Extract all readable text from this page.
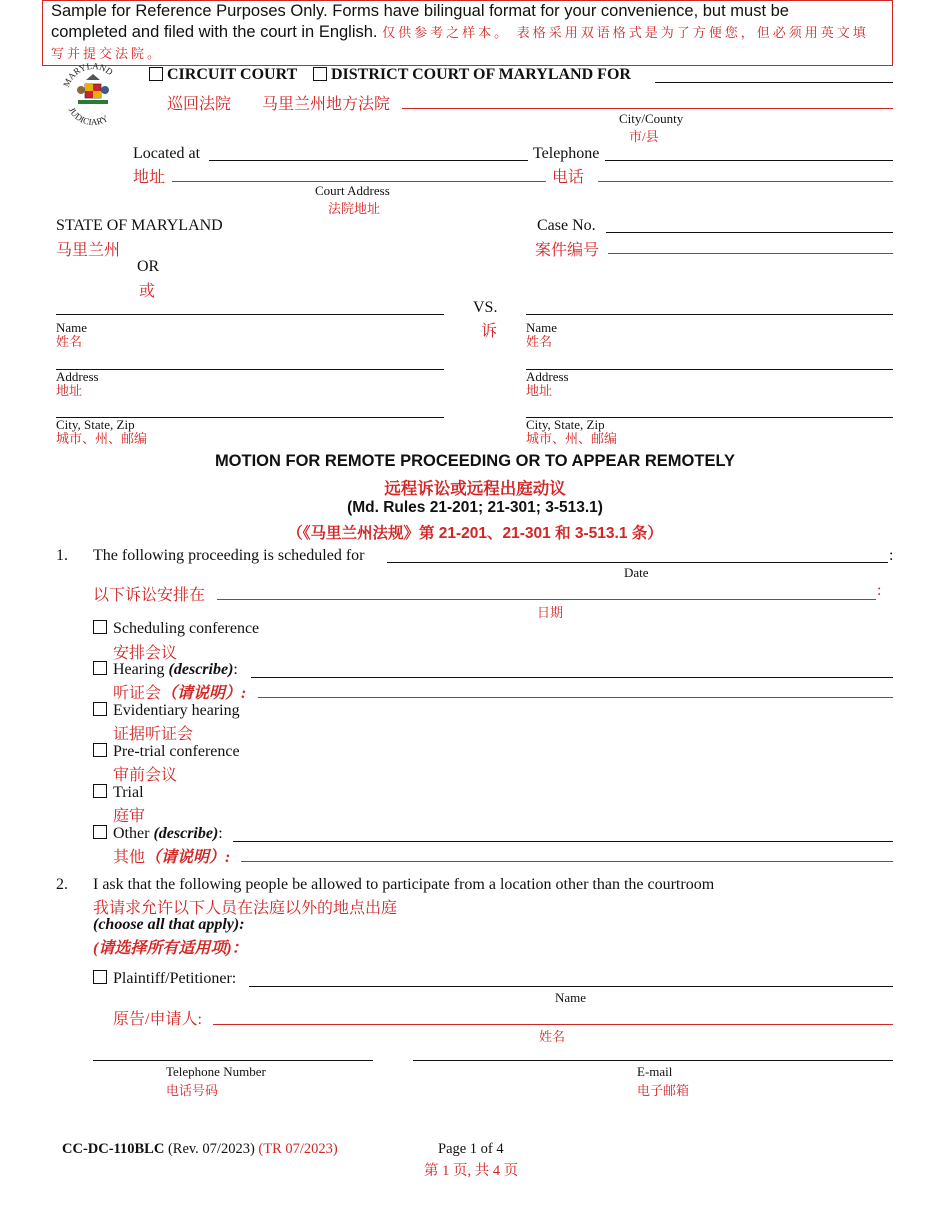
Sample for Reference Purposes Only. Forms have bilingual format for your convenience, but must be
completed and filed with the court in English. 仅供参考之样本。 表格采用双语格式是为了方便您，但必须用英文填写并提交法院。
MARYLAND
JUDICIARY
CIRCUIT COURT DISTRICT COURT OF MARYLAND FOR
巡回法院 马里兰州地方法院
City/County
市/县
Located at	Telephone
地址	电话
Court Address
法院地址
STATE OF MARYLAND
马里兰州
OR
或
Case No.
案件编号
VS.
诉
Name
姓名
Address
地址
City, State, Zip
城市、州、邮编
Name
姓名
Address
地址
City, State, Zip
城市、州、邮编
MOTION FOR REMOTE PROCEEDING OR TO APPEAR REMOTELY
远程诉讼或远程出庭动议
(Md. Rules 21-201; 21-301; 3-513.1)
（《马里兰州法规》第 21-201、21-301 和 3-513.1 条）
1. The following proceeding is scheduled for	:
Date
以下诉讼安排在	:
日期
Scheduling conference
安排会议
Hearing (describe):
听证会（请说明）:
Evidentiary hearing
证据听证会
Pre-trial conference
审前会议
Trial
庭审
Other (describe):
其他（请说明）:
2. I ask that the following people be allowed to participate from a location other than the courtroom
我请求允许以下人员在法庭以外的地点出庭
(choose all that apply):
(请选择所有适用项)：
Plaintiff/Petitioner:
Name
原告/申请人:
姓名
Telephone Number
电话号码
E-mail
电子邮箱
CC-DC-110BLC (Rev. 07/2023) (TR 07/2023)	Page 1 of 4
第 1 页, 共 4 页
